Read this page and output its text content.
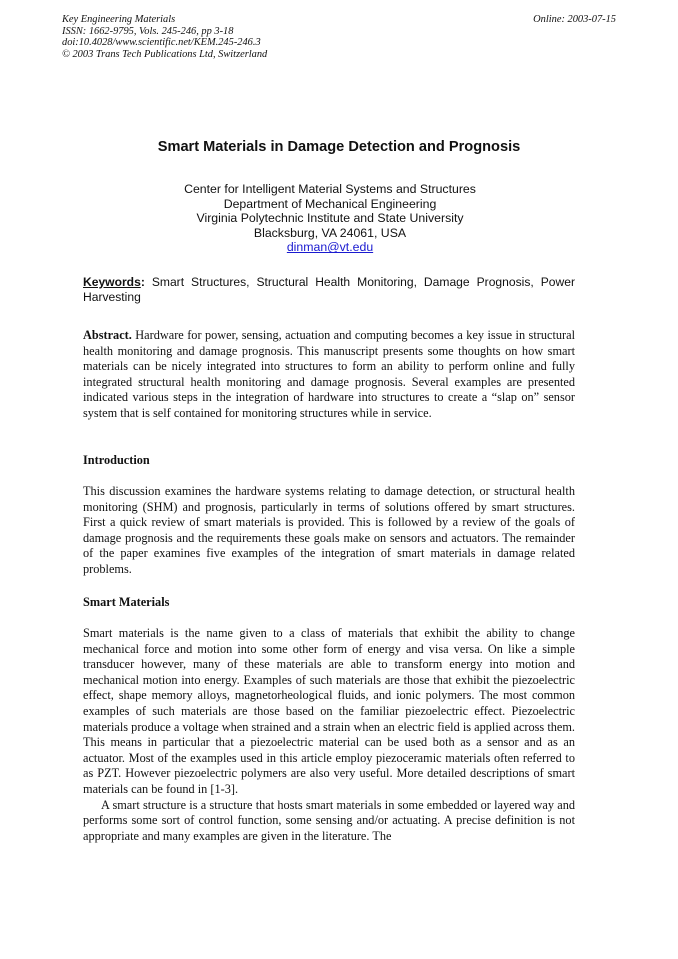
Key Engineering Materials
ISSN: 1662-9795, Vols. 245-246, pp 3-18
doi:10.4028/www.scientific.net/KEM.245-246.3
© 2003 Trans Tech Publications Ltd, Switzerland
Online: 2003-07-15
Smart Materials in Damage Detection and Prognosis
Center for Intelligent Material Systems and Structures
Department of Mechanical Engineering
Virginia Polytechnic Institute and State University
Blacksburg, VA 24061, USA
dinman@vt.edu
Keywords: Smart Structures, Structural Health Monitoring, Damage Prognosis, Power Harvesting

Abstract. Hardware for power, sensing, actuation and computing becomes a key issue in structural health monitoring and damage prognosis. This manuscript presents some thoughts on how smart materials can be nicely integrated into structures to form an ability to perform online and fully integrated structural health monitoring and damage prognosis. Several examples are presented indicated various steps in the integration of hardware into structures to create a “slap on” sensor system that is self contained for monitoring structures while in service.

Introduction

This discussion examines the hardware systems relating to damage detection, or structural health monitoring (SHM) and prognosis, particularly in terms of solutions offered by smart structures. First a quick review of smart materials is provided. This is followed by a review of the goals of damage prognosis and the requirements these goals make on sensors and actuators. The remainder of the paper examines five examples of the integration of smart materials in damage related problems.

Smart Materials

Smart materials is the name given to a class of materials that exhibit the ability to change mechanical force and motion into some other form of energy and visa versa. On like a simple transducer however, many of these materials are able to transform energy into motion and mechanical motion into energy. Examples of such materials are those that exhibit the piezoelectric effect, shape memory alloys, magnetorheological fluids, and ionic polymers. The most common examples of such materials are those based on the familiar piezoelectric effect. Piezoelectric materials produce a voltage when strained and a strain when an electric field is applied across them. This means in particular that a piezoelectric material can be used both as a sensor and as an actuator. Most of the examples used in this article employ piezoceramic materials often referred to as PZT. However piezoelectric polymers are also very useful. More detailed descriptions of smart materials can be found in [1-3].

A smart structure is a structure that hosts smart materials in some embedded or layered way and performs some sort of control function, some sensing and/or actuating. A precise definition is not appropriate and many examples are given in the literature. The
